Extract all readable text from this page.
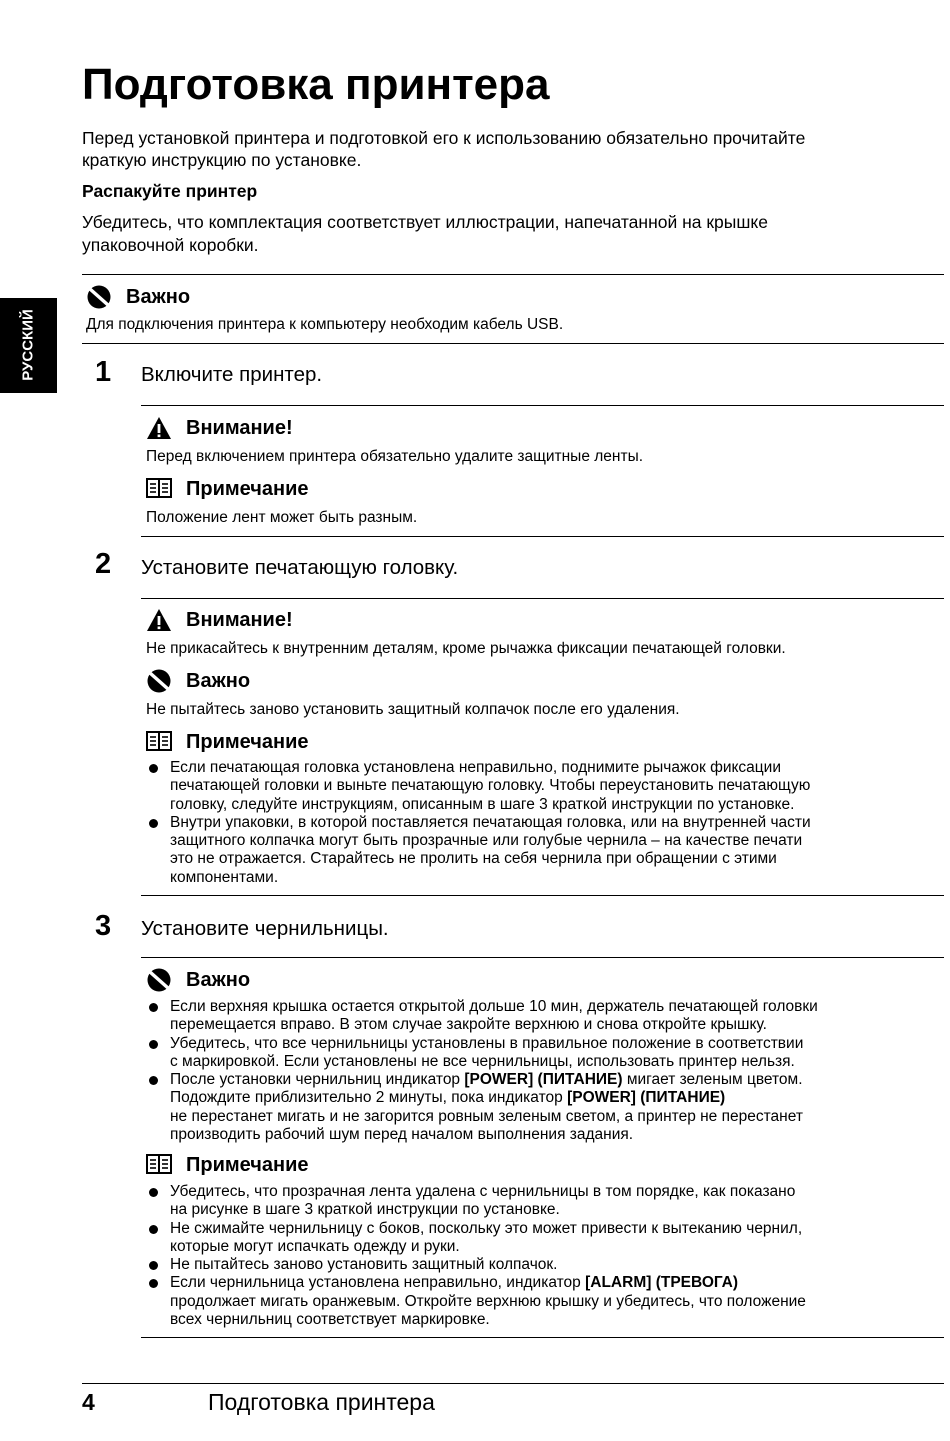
РУССКИЙ
Подготовка принтера
Перед установкой принтера и подготовкой его к использованию обязательно прочитайте
краткую инструкцию по установке.
Распакуйте принтер
Убедитесь, что комплектация соответствует иллюстрации, напечатанной на крышке
упаковочной коробки.
Важно
Для подключения принтера к компьютеру необходим кабель USB.
1 Включите принтер.
Внимание!
Перед включением принтера обязательно удалите защитные ленты.
Примечание
Положение лент может быть разным.
2 Установите печатающую головку.
Внимание!
Не прикасайтесь к внутренним деталям, кроме рычажка фиксации печатающей головки.
Важно
Не пытайтесь заново установить защитный колпачок после его удаления.
Примечание
Если печатающая головка установлена неправильно, поднимите рычажок фиксации
печатающей головки и выньте печатающую головку. Чтобы переустановить печатающую
головку, следуйте инструкциям, описанным в шаге 3 краткой инструкции по установке.
Внутри упаковки, в которой поставляется печатающая головка, или на внутренней части
защитного колпачка могут быть прозрачные или голубые чернила – на качестве печати
это не отражается. Старайтесь не пролить на себя чернила при обращении с этими
компонентами.
3 Установите чернильницы.
Важно
Если верхняя крышка остается открытой дольше 10 мин, держатель печатающей головки
перемещается вправо. В этом случае закройте верхнюю и снова откройте крышку.
Убедитесь, что все чернильницы установлены в правильное положение в соответствии
с маркировкой. Если установлены не все чернильницы, использовать принтер нельзя.
После установки чернильниц индикатор [POWER] (ПИТАНИЕ) мигает зеленым цветом.
Подождите приблизительно 2 минуты, пока индикатор [POWER] (ПИТАНИЕ)
не перестанет мигать и не загорится ровным зеленым светом, а принтер не перестанет
производить рабочий шум перед началом выполнения задания.
Примечание
Убедитесь, что прозрачная лента удалена с чернильницы в том порядке, как показано
на рисунке в шаге 3 краткой инструкции по установке.
Не сжимайте чернильницу с боков, поскольку это может привести к вытеканию чернил,
которые могут испачкать одежду и руки.
Не пытайтесь заново установить защитный колпачок.
Если чернильница установлена неправильно, индикатор [ALARM] (ТРЕВОГА)
продолжает мигать оранжевым. Откройте верхнюю крышку и убедитесь, что положение
всех чернильниц соответствует маркировке.
4	Подготовка принтера
